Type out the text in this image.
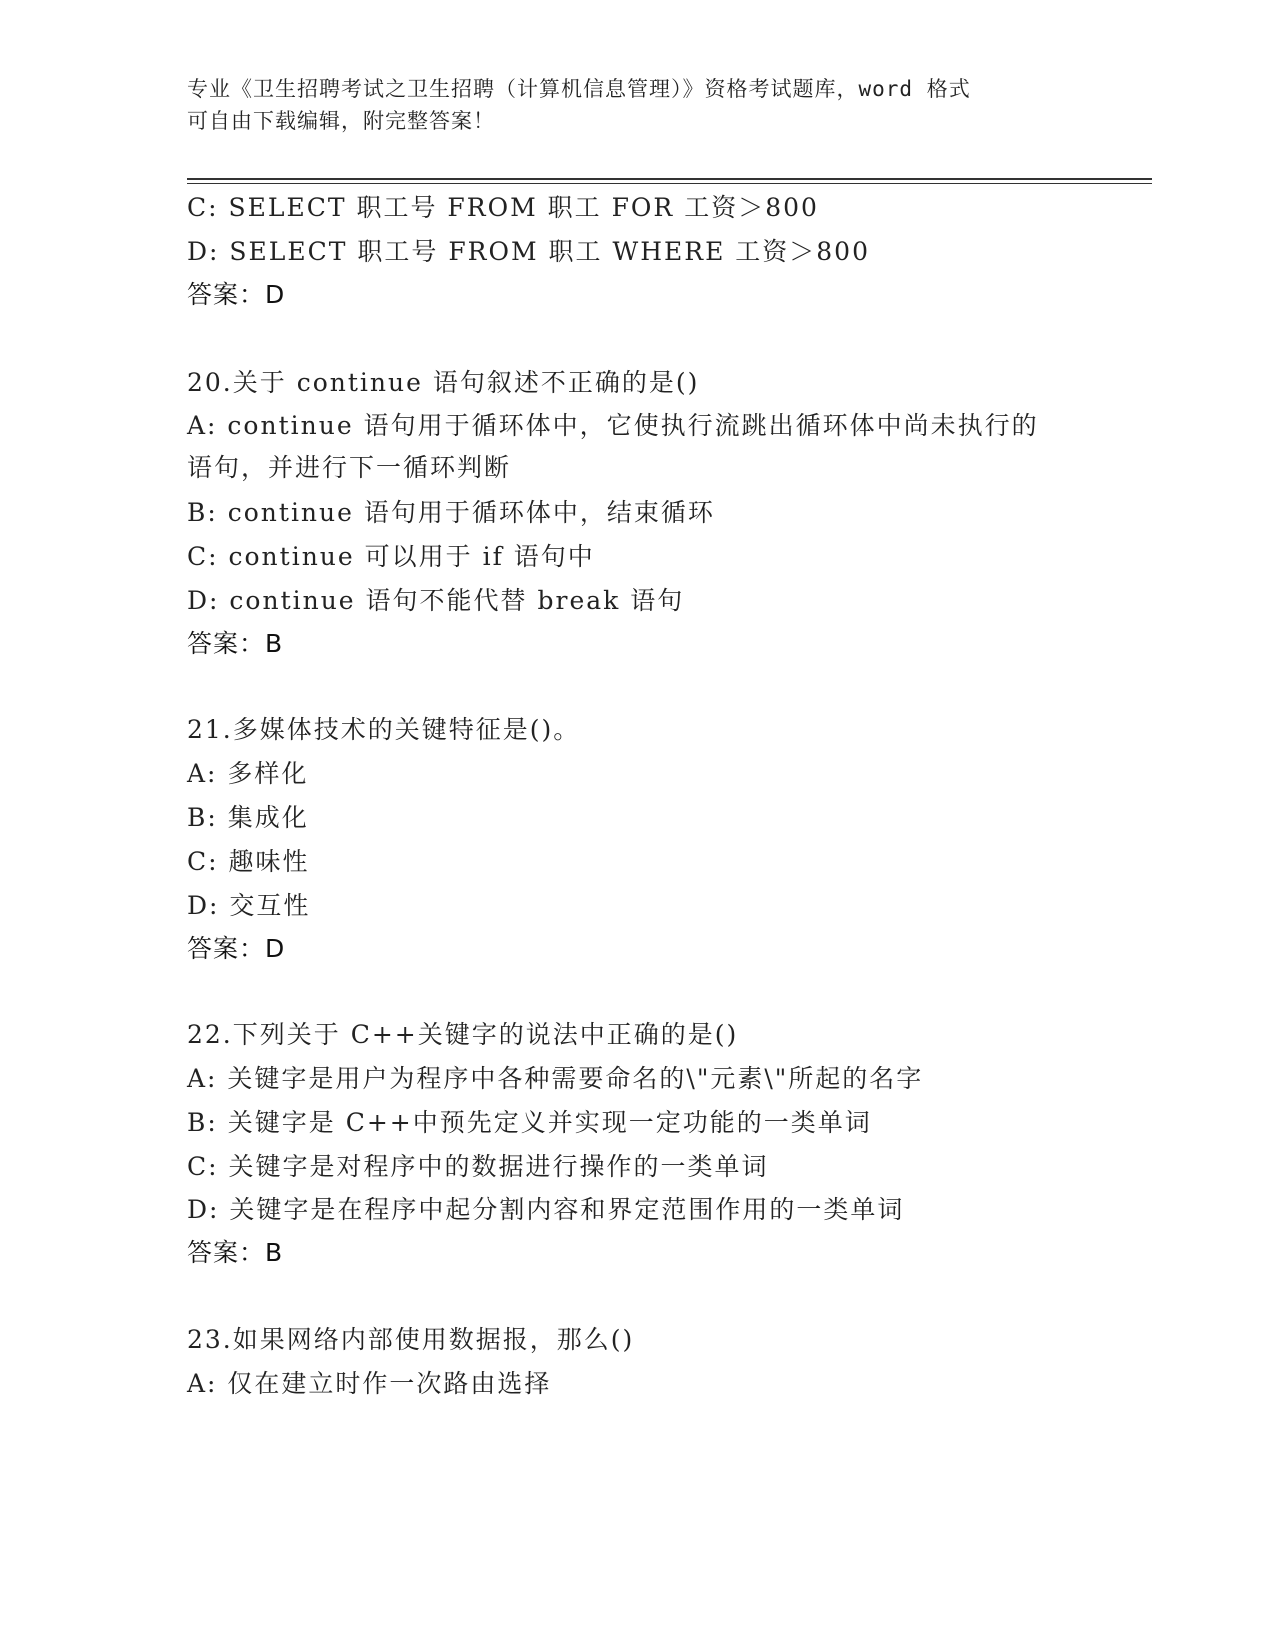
专业《卫生招聘考试之卫生招聘（计算机信息管理）》资格考试题库，word 格式
可自由下载编辑，附完整答案！
C: SELECT 职工号 FROM 职工 FOR 工资＞800
D: SELECT 职工号 FROM 职工 WHERE 工资＞800
答案：D
20.关于 continue 语句叙述不正确的是()
A: continue 语句用于循环体中，它使执行流跳出循环体中尚未执行的
语句，并进行下一循环判断
B: continue 语句用于循环体中，结束循环
C: continue 可以用于 if 语句中
D: continue 语句不能代替 break 语句
答案：B
21.多媒体技术的关键特征是()。
A: 多样化
B: 集成化
C: 趣味性
D: 交互性
答案：D
22.下列关于 C++关键字的说法中正确的是()
A: 关键字是用户为程序中各种需要命名的\"元素\"所起的名字
B: 关键字是 C++中预先定义并实现一定功能的一类单词
C: 关键字是对程序中的数据进行操作的一类单词
D: 关键字是在程序中起分割内容和界定范围作用的一类单词
答案：B
23.如果网络内部使用数据报，那么()
A: 仅在建立时作一次路由选择
